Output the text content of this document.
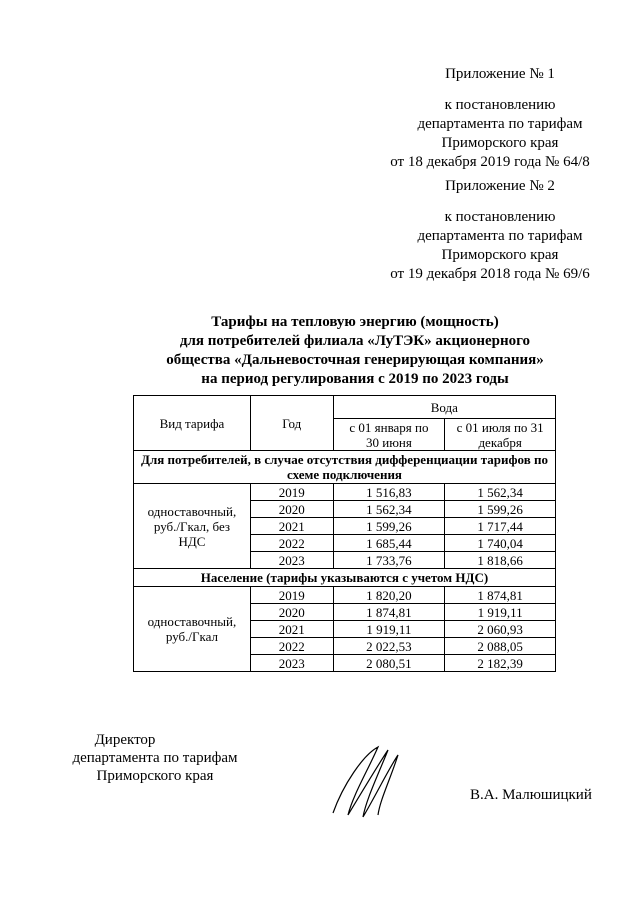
Приложение № 1
к постановлению
департамента по тарифам
Приморского края
от 18 декабря 2019 года № 64/8
Приложение № 2
к постановлению
департамента по тарифам
Приморского края
от 19 декабря 2018 года № 69/6
Тарифы на тепловую энергию (мощность)
для потребителей филиала «ЛуТЭК» акционерного
общества «Дальневосточная генерирующая компания»
на период регулирования с 2019 по 2023 годы
Вид тарифа	Год	Вода	
		с 01 января по 30 июня	с 01 июля по 31 декабря
Для потребителей, в случае отсутствия дифференциации тарифов по схеме подключения			
одноставочный, руб./Гкал, без НДС	2019	1 516,83	1 562,34
	2020	1 562,34	1 599,26
	2021	1 599,26	1 717,44
	2022	1 685,44	1 740,04
	2023	1 733,76	1 818,66
Население (тарифы указываются с учетом НДС)			
одноставочный, руб./Гкал	2019	1 820,20	1 874,81
	2020	1 874,81	1 919,11
	2021	1 919,11	2 060,93
	2022	2 022,53	2 088,05
	2023	2 080,51	2 182,39
Директор
департамента по тарифам
Приморского края
В.А. Малюшицкий
